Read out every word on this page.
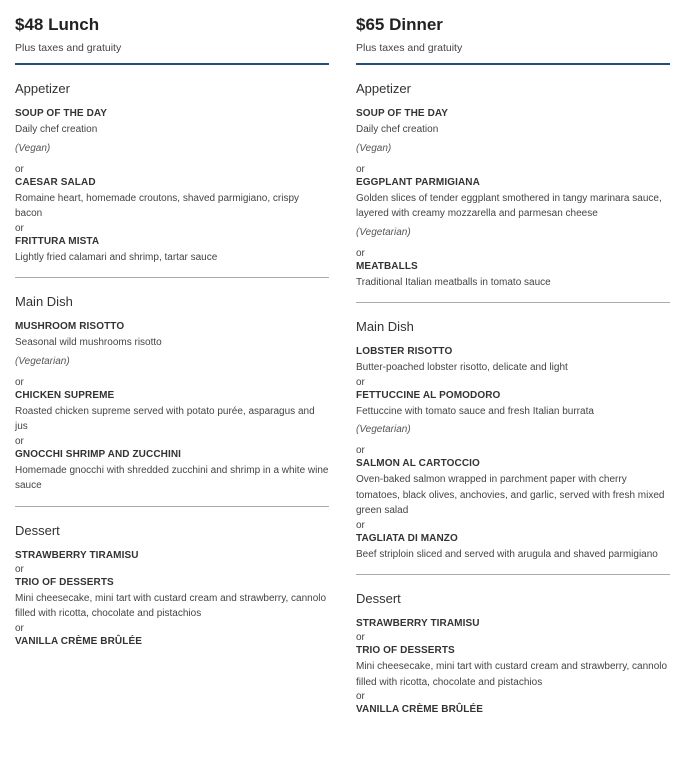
$48 Lunch
Plus taxes and gratuity
Appetizer
SOUP OF THE DAY
Daily chef creation
(Vegan)
or
CAESAR SALAD
Romaine heart, homemade croutons, shaved parmigiano, crispy bacon
or
FRITTURA MISTA
Lightly fried calamari and shrimp, tartar sauce
Main Dish
MUSHROOM RISOTTO
Seasonal wild mushrooms risotto
(Vegetarian)
or
CHICKEN SUPREME
Roasted chicken supreme served with potato purée, asparagus and jus
or
GNOCCHI SHRIMP AND ZUCCHINI
Homemade gnocchi with shredded zucchini and shrimp in a white wine sauce
Dessert
STRAWBERRY TIRAMISU
or
TRIO OF DESSERTS
Mini cheesecake, mini tart with custard cream and strawberry, cannolo filled with ricotta, chocolate and pistachios
or
VANILLA CRÈME BRÛLÉE
$65 Dinner
Plus taxes and gratuity
Appetizer
SOUP OF THE DAY
Daily chef creation
(Vegan)
or
EGGPLANT PARMIGIANA
Golden slices of tender eggplant smothered in tangy marinara sauce, layered with creamy mozzarella and parmesan cheese
(Vegetarian)
or
MEATBALLS
Traditional Italian meatballs in tomato sauce
Main Dish
LOBSTER RISOTTO
Butter-poached lobster risotto, delicate and light
or
FETTUCCINE AL POMODORO
Fettuccine with tomato sauce and fresh Italian burrata
(Vegetarian)
or
SALMON AL CARTOCCIO
Oven-baked salmon wrapped in parchment paper with cherry tomatoes, black olives, anchovies, and garlic, served with fresh mixed green salad
or
TAGLIATA DI MANZO
Beef striploin sliced and served with arugula and shaved parmigiano
Dessert
STRAWBERRY TIRAMISU
or
TRIO OF DESSERTS
Mini cheesecake, mini tart with custard cream and strawberry, cannolo filled with ricotta, chocolate and pistachios
or
VANILLA CRÈME BRÛLÉE
